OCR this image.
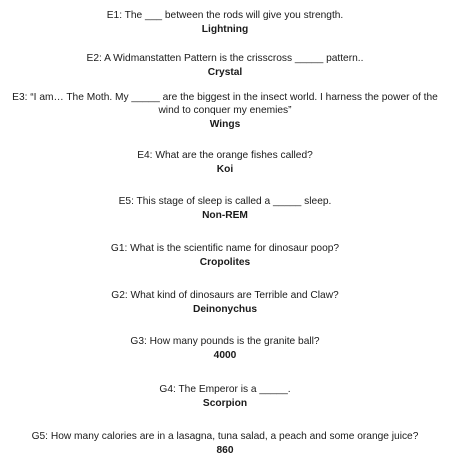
E1: The ___ between the rods will give you strength.
Lightning
E2: A Widmanstatten Pattern is the crisscross _____ pattern..
Crystal
E3: “I am… The Moth. My _____ are the biggest in the insect world. I harness the power of the wind to conquer my enemies”
Wings
E4: What are the orange fishes called?
Koi
E5: This stage of sleep is called a _____ sleep.
Non-REM
G1: What is the scientific name for dinosaur poop?
Cropolites
G2: What kind of dinosaurs are Terrible and Claw?
Deinonychus
G3: How many pounds is the granite ball?
4000
G4: The Emperor is a _____.
Scorpion
G5: How many calories are in a lasagna, tuna salad, a peach and some orange juice?
860
